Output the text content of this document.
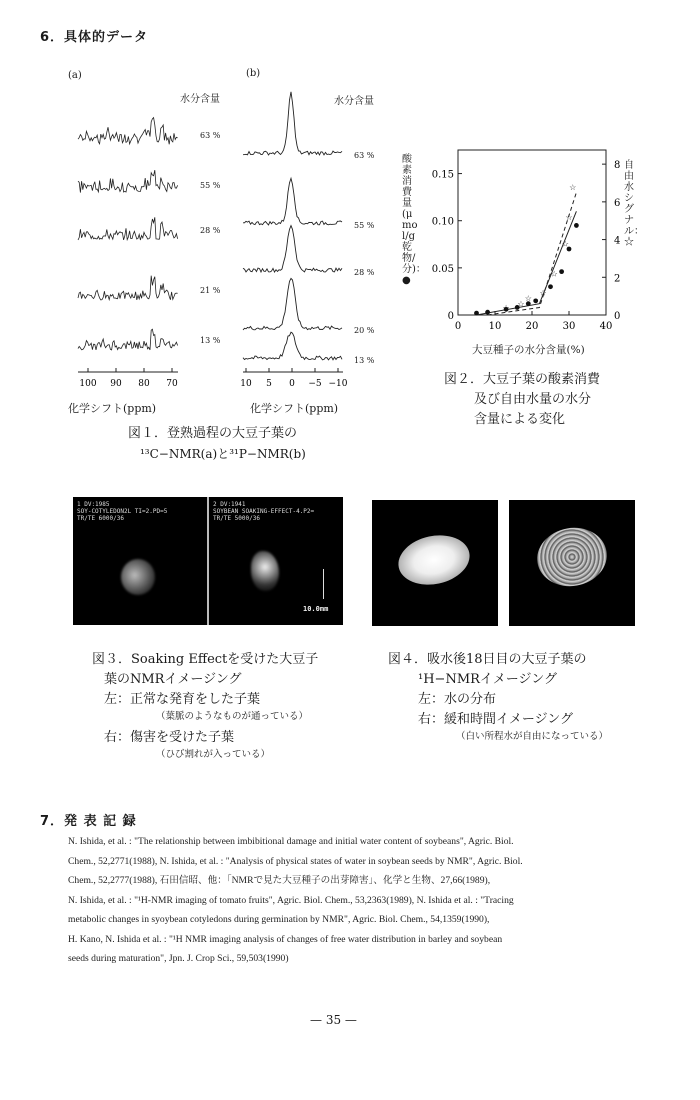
6．具体的データ
100 90 80 70	10 5 0 −5 −10
(a)	(b)
水分含量	水分含量
化学シフト(ppm)	化学シフト(ppm)
図１．登熟過程の大豆子葉の
¹³C−NMR(a)と³¹P−NMR(b)
63 %
55 %
28 %
21 %
13 %
63 %
55 %
28 %
20 %
13 %
0	10 20 30 40
0
0.05
0.10
0.15
0
2
4
6
8
☆ ☆
☆
☆
☆
☆
☆
☆
酸素消費量(μ mol/g 乾物/分)：●
自由水シグナル：☆
大豆種子の水分含量(%)
図２．大豆子葉の酸素消費
及び自由水量の水分
含量による変化
1 DV:1985
SOY-COTYLEDON2L TI=2.PD=5
TR/TE 6000/36
2 DV:1941
SOYBEAN SOAKING-EFFECT-4.P2=
TR/TE 5000/36
10.0mm
図３．Soaking Effectを受けた大豆子
葉のNMRイメージング
左：正常な発育をした子葉
（葉脈のようなものが通っている）
右：傷害を受けた子葉
（ひび割れが入っている）
図４．吸水後18日目の大豆子葉の
¹H−NMRイメージング
左：水の分布
右：緩和時間イメージング
（白い所程水が自由になっている）
7．発 表 記 録
N. Ishida, et al. : "The relationship between imbibitional damage and initial water content of soybeans", Agric. Biol.
Chem., 52,2771(1988), N. Ishida, et al. : "Analysis of physical states of water in soybean seeds by NMR", Agric. Biol.
Chem., 52,2777(1988), 石田信昭、他：「NMRで見た大豆種子の出芽障害」、化学と生物、27,66(1989),
N. Ishida, et al. : "¹H-NMR imaging of tomato fruits", Agric. Biol. Chem., 53,2363(1989), N. Ishida et al. : "Tracing
metabolic changes in syoybean cotyledons during germination by NMR", Agric. Biol. Chem., 54,1359(1990),
H. Kano, N. Ishida et al. : "¹H NMR imaging analysis of changes of free water distribution in barley and soybean
seeds during maturation", Jpn. J. Crop Sci., 59,503(1990)
— 35 —
